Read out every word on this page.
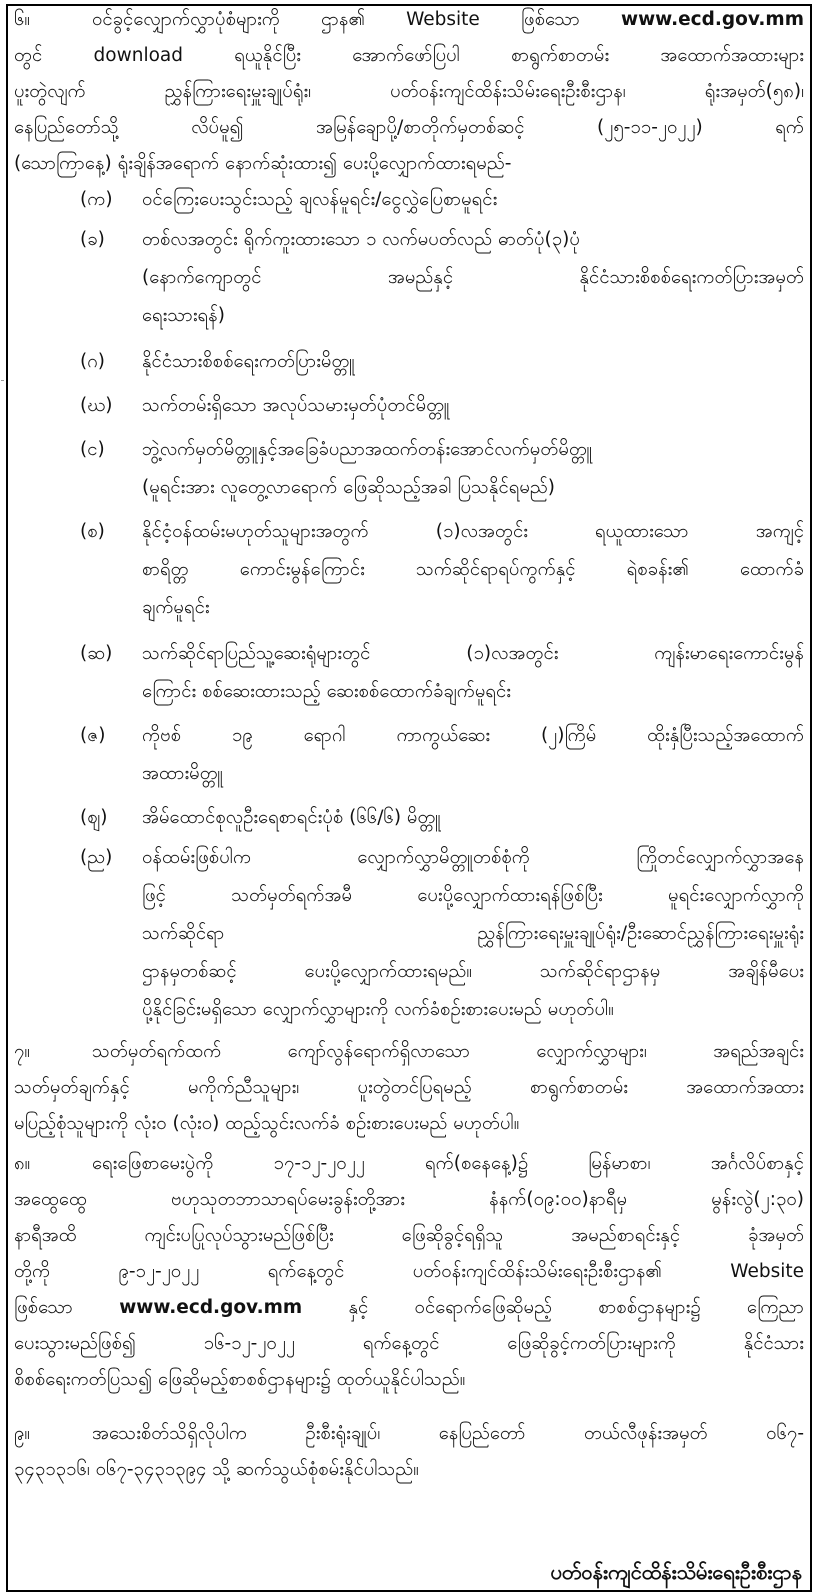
၆။	ဝင်ခွင့်လျှောက်လွှာပုံစံများကို ဌာန၏ Website ဖြစ်သော www.ecd.gov.mm
တွင် download ရယူနိုင်ပြီး အောက်ဖော်ပြပါ စာရွက်စာတမ်း အထောက်အထားများ
ပူးတွဲလျက် ညွှန်ကြားရေးမှူးချုပ်ရုံး၊ ပတ်ဝန်းကျင်ထိန်းသိမ်းရေးဦးစီးဌာန၊ ရုံးအမှတ်(၅၈)၊
နေပြည်တော်သို့ လိပ်မူ၍ အမြန်ချောပို့/စာတိုက်မှတစ်ဆင့် (၂၅-၁၁-၂၀၂၂) ရက်
(သောကြာနေ့) ရုံးချိန်အရောက် နောက်ဆုံးထား၍ ပေးပို့လျှောက်ထားရမည်-
(က) ဝင်ကြေးပေးသွင်းသည့် ချလန်မူရင်း/ငွေလွှဲပြေစာမူရင်း
(ခ) တစ်လအတွင်း ရိုက်ကူးထားသော ၁ လက်မပတ်လည် ဓာတ်ပုံ(၃)ပုံ
(နောက်ကျောတွင် အမည်နှင့် နိုင်ငံသားစိစစ်ရေးကတ်ပြားအမှတ်
ရေးသားရန်)
(ဂ) နိုင်ငံသားစိစစ်ရေးကတ်ပြားမိတ္တူ
(ဃ) သက်တမ်းရှိသော အလုပ်သမားမှတ်ပုံတင်မိတ္တူ
(င) ဘွဲ့လက်မှတ်မိတ္တူနှင့်အခြေခံပညာအထက်တန်းအောင်လက်မှတ်မိတ္တူ
(မူရင်းအား လူတွေ့လာရောက် ဖြေဆိုသည့်အခါ ပြသနိုင်ရမည်)
(စ) နိုင်ငံ့ဝန်ထမ်းမဟုတ်သူများအတွက် (၁)လအတွင်း ရယူထားသော အကျင့်
စာရိတ္တ ကောင်းမွန်ကြောင်း သက်ဆိုင်ရာရပ်ကွက်နှင့် ရဲစခန်း၏ ထောက်ခံ
ချက်မူရင်း
(ဆ) သက်ဆိုင်ရာပြည်သူ့ဆေးရုံများတွင် (၁)လအတွင်း ကျန်းမာရေးကောင်းမွန်
ကြောင်း စစ်ဆေးထားသည့် ဆေးစစ်ထောက်ခံချက်မူရင်း
(ဇ) ကိုဗစ် ၁၉ ရောဂါ ကာကွယ်ဆေး (၂)ကြိမ် ထိုးနှံပြီးသည့်အထောက်
အထားမိတ္တူ
(ဈ) အိမ်ထောင်စုလူဦးရေစာရင်းပုံစံ (၆၆/၆) မိတ္တူ
(ည) ဝန်ထမ်းဖြစ်ပါက လျှောက်လွှာမိတ္တူတစ်စုံကို ကြိုတင်လျှောက်လွှာအနေ
ဖြင့် သတ်မှတ်ရက်အမီ ပေးပို့လျှောက်ထားရန်ဖြစ်ပြီး မူရင်းလျှောက်လွှာကို
သက်ဆိုင်ရာ ညွှန်ကြားရေးမှူးချုပ်ရုံး/ဦးဆောင်ညွှန်ကြားရေးမှူးရုံး
ဌာနမှတစ်ဆင့် ပေးပို့လျှောက်ထားရမည်။ သက်ဆိုင်ရာဌာနမှ အချိန်မီပေး
ပို့နိုင်ခြင်းမရှိသော လျှောက်လွှာများကို လက်ခံစဉ်းစားပေးမည် မဟုတ်ပါ။
၇။	သတ်မှတ်ရက်ထက် ကျော်လွန်ရောက်ရှိလာသော လျှောက်လွှာများ၊ အရည်အချင်း
သတ်မှတ်ချက်နှင့် မကိုက်ညီသူများ၊ ပူးတွဲတင်ပြရမည့် စာရွက်စာတမ်း အထောက်အထား
မပြည့်စုံသူများကို လုံးဝ (လုံးဝ) ထည့်သွင်းလက်ခံ စဉ်းစားပေးမည် မဟုတ်ပါ။
၈။	ရေးဖြေစာမေးပွဲကို ၁၇-၁၂-၂၀၂၂ ရက်(စနေနေ့)၌ မြန်မာစာ၊ အင်္ဂလိပ်စာနှင့်
အထွေထွေ ဗဟုသုတဘာသာရပ်မေးခွန်းတို့အား နံနက်(၀၉:၀၀)နာရီမှ မွန်းလွဲ(၂:၃၀)
နာရီအထိ ကျင်းပပြုလုပ်သွားမည်ဖြစ်ပြီး ဖြေဆိုခွင့်ရရှိသူ အမည်စာရင်းနှင့် ခုံအမှတ်
တို့ကို ၉-၁၂-၂၀၂၂ ရက်နေ့တွင် ပတ်ဝန်းကျင်ထိန်းသိမ်းရေးဦးစီးဌာန၏ Website
ဖြစ်သော www.ecd.gov.mm နှင့် ဝင်ရောက်ဖြေဆိုမည့် စာစစ်ဌာနများ၌ ကြေညာ
ပေးသွားမည်ဖြစ်၍ ၁၆-၁၂-၂၀၂၂ ရက်နေ့တွင် ဖြေဆိုခွင့်ကတ်ပြားများကို နိုင်ငံသား
စိစစ်ရေးကတ်ပြသ၍ ဖြေဆိုမည့်စာစစ်ဌာနများ၌ ထုတ်ယူနိုင်ပါသည်။
၉။	အသေးစိတ်သိရှိလိုပါက ဦးစီးရုံးချုပ်၊ နေပြည်တော် တယ်လီဖုန်းအမှတ် ၀၆၇-
၃၄၃၁၃၁၆၊ ၀၆၇-၃၄၃၁၃၉၄ သို့ ဆက်သွယ်စုံစမ်းနိုင်ပါသည်။
ပတ်ဝန်းကျင်ထိန်းသိမ်းရေးဦးစီးဌာန
